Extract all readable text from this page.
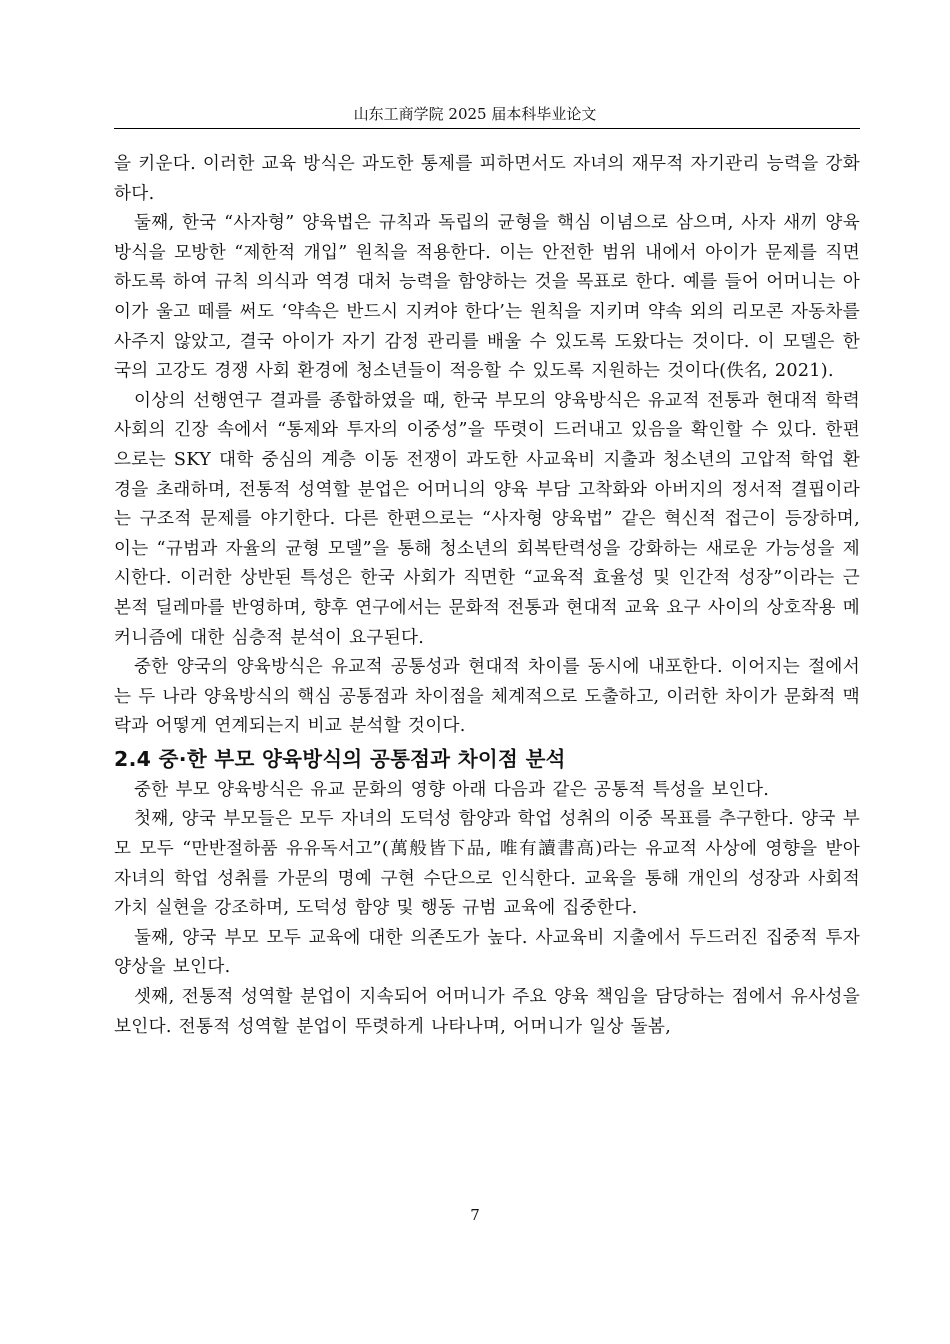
山东工商学院 2025 届本科毕业论文

을 키운다. 이러한 교육 방식은 과도한 통제를 피하면서도 자녀의 재무적 자기관리 능력을 강화하다.

둘째, 한국 “사자형” 양육법은 규칙과 독립의 균형을 핵심 이념으로 삼으며, 사자 새끼 양육 방식을 모방한 “제한적 개입” 원칙을 적용한다. 이는 안전한 범위 내에서 아이가 문제를 직면하도록 하여 규칙 의식과 역경 대처 능력을 함양하는 것을 목표로 한다. 예를 들어 어머니는 아이가 울고 떼를 써도 ‘약속은 반드시 지켜야 한다’는 원칙을 지키며 약속 외의 리모콘 자동차를 사주지 않았고, 결국 아이가 자기 감정 관리를 배울 수 있도록 도왔다는 것이다. 이 모델은 한국의 고강도 경쟁 사회 환경에 청소년들이 적응할 수 있도록 지원하는 것이다(佚名, 2021).

이상의 선행연구 결과를 종합하였을 때, 한국 부모의 양육방식은 유교적 전통과 현대적 학력사회의 긴장 속에서 “통제와 투자의 이중성”을 뚜렷이 드러내고 있음을 확인할 수 있다. 한편으로는 SKY 대학 중심의 계층 이동 전쟁이 과도한 사교육비 지출과 청소년의 고압적 학업 환경을 초래하며, 전통적 성역할 분업은 어머니의 양육 부담 고착화와 아버지의 정서적 결핍이라는 구조적 문제를 야기한다. 다른 한편으로는 “사자형 양육법” 같은 혁신적 접근이 등장하며, 이는 “규범과 자율의 균형 모델”을 통해 청소년의 회복탄력성을 강화하는 새로운 가능성을 제시한다. 이러한 상반된 특성은 한국 사회가 직면한 “교육적 효율성 및 인간적 성장”이라는 근본적 딜레마를 반영하며, 향후 연구에서는 문화적 전통과 현대적 교육 요구 사이의 상호작용 메커니즘에 대한 심층적 분석이 요구된다.

중한 양국의 양육방식은 유교적 공통성과 현대적 차이를 동시에 내포한다. 이어지는 절에서는 두 나라 양육방식의 핵심 공통점과 차이점을 체계적으로 도출하고, 이러한 차이가 문화적 맥락과 어떻게 연계되는지 비교 분석할 것이다.

2.4 중·한 부모 양육방식의 공통점과 차이점 분석

중한 부모 양육방식은 유교 문화의 영향 아래 다음과 같은 공통적 특성을 보인다.

첫째, 양국 부모들은 모두 자녀의 도덕성 함양과 학업 성취의 이중 목표를 추구한다. 양국 부모 모두 “만반절하품 유유독서고”(萬般皆下品, 唯有讀書高)라는 유교적 사상에 영향을 받아 자녀의 학업 성취를 가문의 명예 구현 수단으로 인식한다. 교육을 통해 개인의 성장과 사회적 가치 실현을 강조하며, 도덕성 함양 및 행동 규범 교육에 집중한다.

둘째, 양국 부모 모두 교육에 대한 의존도가 높다. 사교육비 지출에서 두드러진 집중적 투자 양상을 보인다.

셋째, 전통적 성역할 분업이 지속되어 어머니가 주요 양육 책임을 담당하는 점에서 유사성을 보인다. 전통적 성역할 분업이 뚜렷하게 나타나며, 어머니가 일상 돌봄,

7
